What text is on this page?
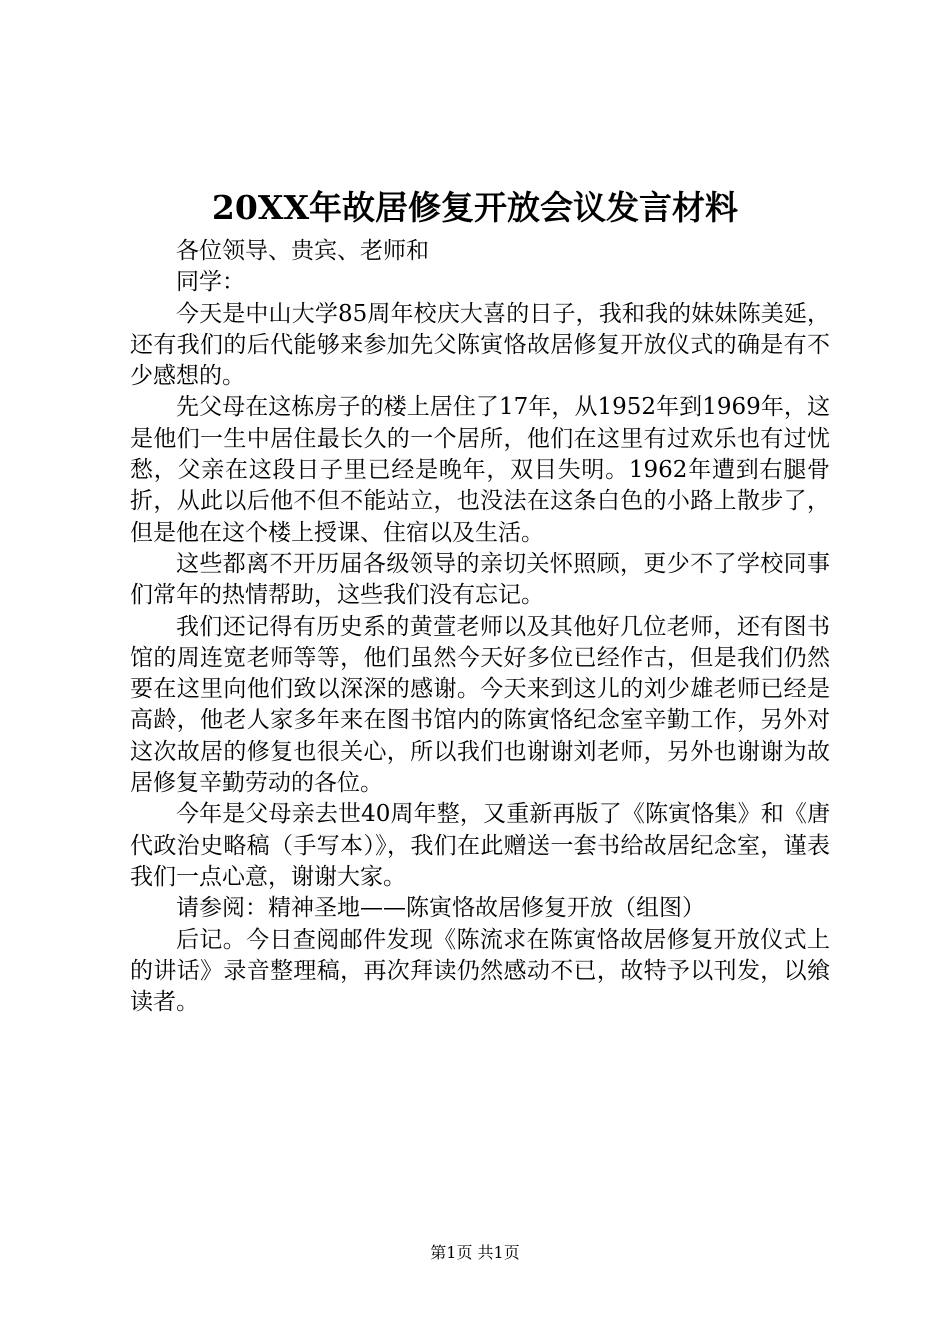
20XX年故居修复开放会议发言材料

各位领导、贵宾、老师和

同学：

今天是中山大学85周年校庆大喜的日子，我和我的妹妹陈美延，还有我们的后代能够来参加先父陈寅恪故居修复开放仪式的确是有不少感想的。

先父母在这栋房子的楼上居住了17年，从1952年到1969年，这是他们一生中居住最长久的一个居所，他们在这里有过欢乐也有过忧愁，父亲在这段日子里已经是晚年，双目失明。1962年遭到右腿骨折，从此以后他不但不能站立，也没法在这条白色的小路上散步了，但是他在这个楼上授课、住宿以及生活。

这些都离不开历届各级领导的亲切关怀照顾，更少不了学校同事们常年的热情帮助，这些我们没有忘记。

我们还记得有历史系的黄萱老师以及其他好几位老师，还有图书馆的周连宽老师等等，他们虽然今天好多位已经作古，但是我们仍然要在这里向他们致以深深的感谢。今天来到这儿的刘少雄老师已经是高龄，他老人家多年来在图书馆内的陈寅恪纪念室辛勤工作，另外对这次故居的修复也很关心，所以我们也谢谢刘老师，另外也谢谢为故居修复辛勤劳动的各位。

今年是父母亲去世40周年整，又重新再版了《陈寅恪集》和《唐代政治史略稿（手写本）》，我们在此赠送一套书给故居纪念室，谨表我们一点心意，谢谢大家。

请参阅：精神圣地——陈寅恪故居修复开放（组图）

后记。今日查阅邮件发现《陈流求在陈寅恪故居修复开放仪式上的讲话》录音整理稿，再次拜读仍然感动不已，故特予以刊发，以飨读者。

第1页 共1页
